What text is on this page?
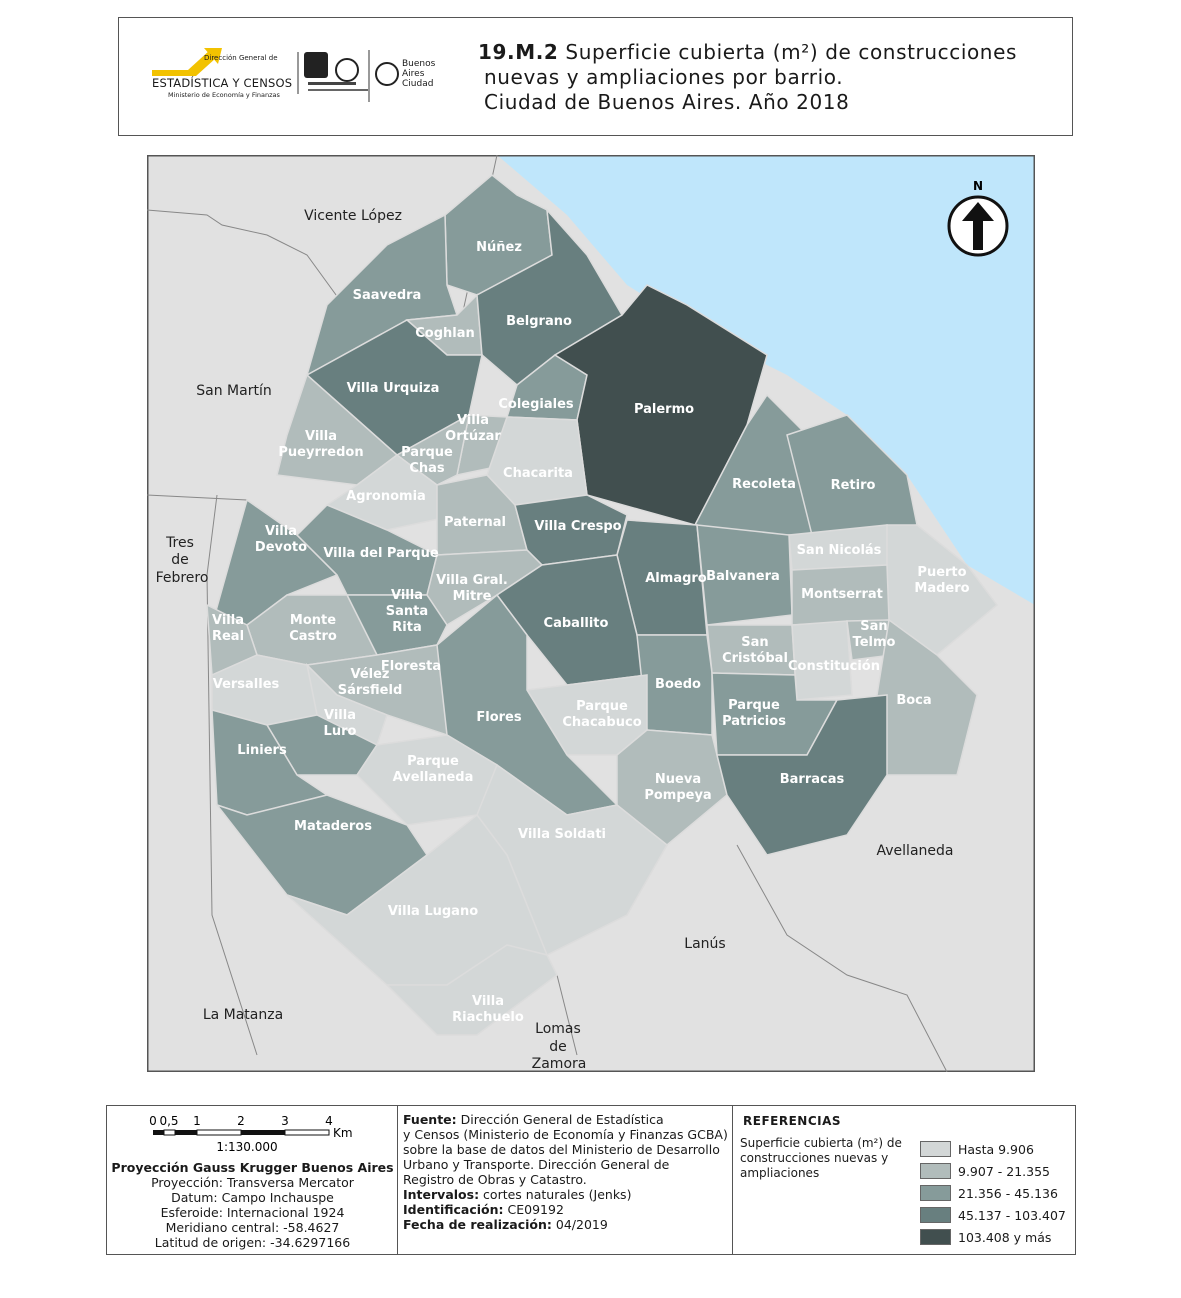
Dirección General de
ESTADÍSTICA Y CENSOS
Ministerio de Economía y Finanzas
Buenos
Aires
Ciudad
19.M.2 Superficie cubierta (m²) de construcciones
nuevas y ampliaciones por barrio.
Ciudad de Buenos Aires. Año 2018
Núñez
Saavedra
Coghlan
Belgrano
Villa Urquiza
Colegiales	Palermo
Villa Ortúzar
Villa Pueyrredon	Parque Chas	Chacarita
Agronomia
Recoleta	Retiro
Paternal Villa Crespo
Villa Devoto Villa del Parque	San Nicolás
Puerto Madero
Almagro Balvanera
Villa Gral. Mitre
Villa Santa Rita
Montserrat
Caballito
Monte Castro
Villa Real
San Telmo
San Cristóbal
Constitución
Floresta
Vélez Sársfield
Versalles	Boedo
Boca
Parque Chacabuco
Parque Patricios
Villa Luro
Flores
Liniers
Parque Avellaneda	Nueva Pompeya
Barracas
Mataderos
Villa Soldati
Villa Lugano
Villa Riachuelo
Vicente López
San Martín
Tres
de
Febrero
La Matanza
Lomas
de
Zamora
Lanús
Avellaneda
N
0 0,5 1	2	3	4
Km
1:130.000
Proyección Gauss Krugger Buenos Aires
Proyección: Transversa Mercator
Datum: Campo Inchauspe
Esferoide: Internacional 1924
Meridiano central: -58.4627
Latitud de origen: -34.6297166
Fuente: Dirección General de Estadística
y Censos (Ministerio de Economía y Finanzas GCBA)
sobre la base de datos del Ministerio de Desarrollo
Urbano y Transporte. Dirección General de
Registro de Obras y Catastro.
Intervalos: cortes naturales (Jenks)
Identificación: CE09192
Fecha de realización: 04/2019
REFERENCIAS
Superficie cubierta (m²) de
construcciones nuevas y
ampliaciones
Hasta 9.906
9.907 - 21.355
21.356 - 45.136
45.137 - 103.407
103.408 y más
